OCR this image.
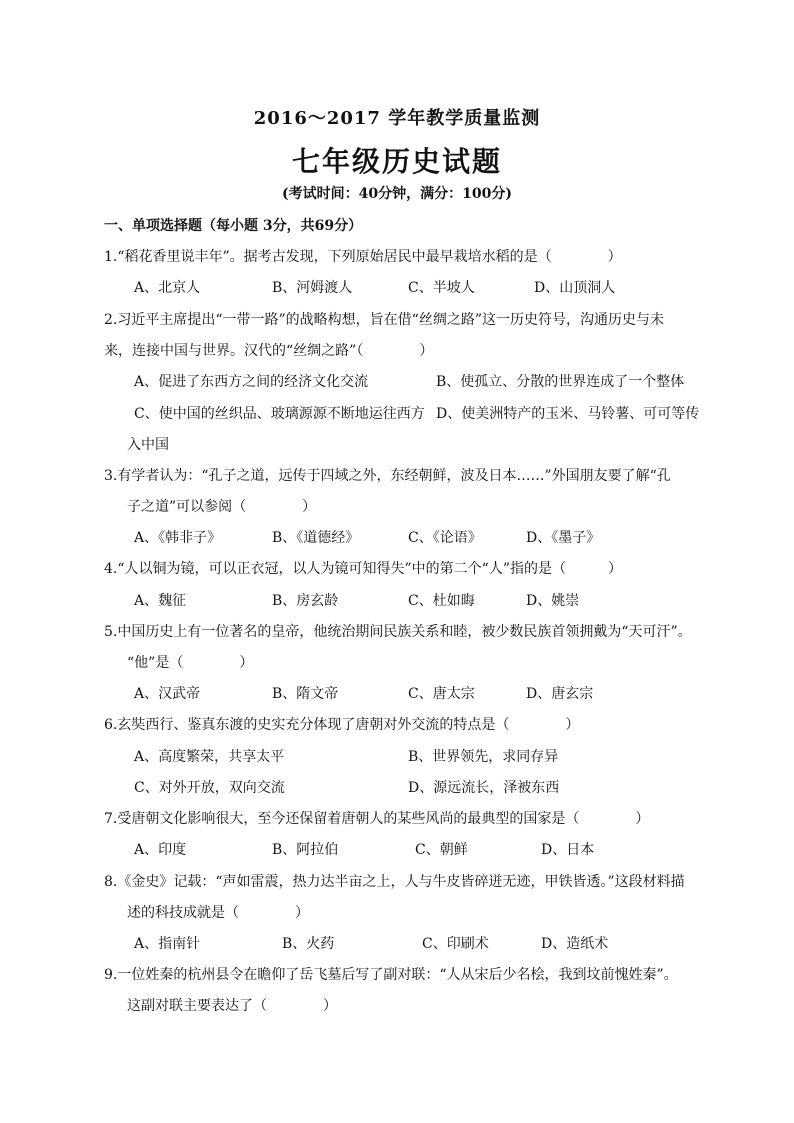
2016～2017 学年教学质量监测
七年级历史试题
(考试时间：40分钟，满分：100分)
一、单项选择题（每小题 3分，共69分）
1.“稻花香里说丰年”。据考古发现，下列原始居民中最早栽培水稻的是（　　　　）
A、北京人	B、河姆渡人	C、半坡人	D、山顶洞人
2.习近平主席提出“一带一路”的战略构想，旨在借“丝绸之路”这一历史符号，沟通历史与未
来，连接中国与世界。汉代的“丝绸之路”（　　　　）
A、促进了东西方之间的经济文化交流	B、使孤立、分散的世界连成了一个整体
C、使中国的丝织品、玻璃源源不断地运往西方 D、使美洲特产的玉米、马铃薯、可可等传
入中国
3.有学者认为：“孔子之道，远传于四域之外，东经朝鲜，波及日本……”外国朋友要了解“孔
子之道”可以参阅（　　　　）
A、《韩非子》	B、《道德经》	C、《论语》	D、《墨子》
4.“人以铜为镜，可以正衣冠，以人为镜可知得失”中的第二个“人”指的是（　　　）
A、魏征	B、房玄龄	C、杜如晦	D、姚崇
5.中国历史上有一位著名的皇帝，他统治期间民族关系和睦，被少数民族首领拥戴为“天可汗”。
“他”是（　　　　）
A、汉武帝	B、隋文帝	C、唐太宗	D、唐玄宗
6.玄奘西行、鉴真东渡的史实充分体现了唐朝对外交流的特点是（　　　　）
A、高度繁荣，共享太平	B、世界领先，求同存异
C、对外开放，双向交流	D、源远流长，泽被东西
7.受唐朝文化影响很大，至今还保留着唐朝人的某些风尚的最典型的国家是（　　　　）
A、印度	B、阿拉伯	C、朝鲜	D、日本
8.《金史》记载：“声如雷震，热力达半亩之上，人与牛皮皆碎迸无迹，甲铁皆透。”这段材料描
述的科技成就是（　　　　）
A、指南针	B、火药	C、印刷术	D、造纸术
9.一位姓秦的杭州县令在瞻仰了岳飞墓后写了副对联：“人从宋后少名桧，我到坟前愧姓秦”。
这副对联主要表达了（　　　　）
